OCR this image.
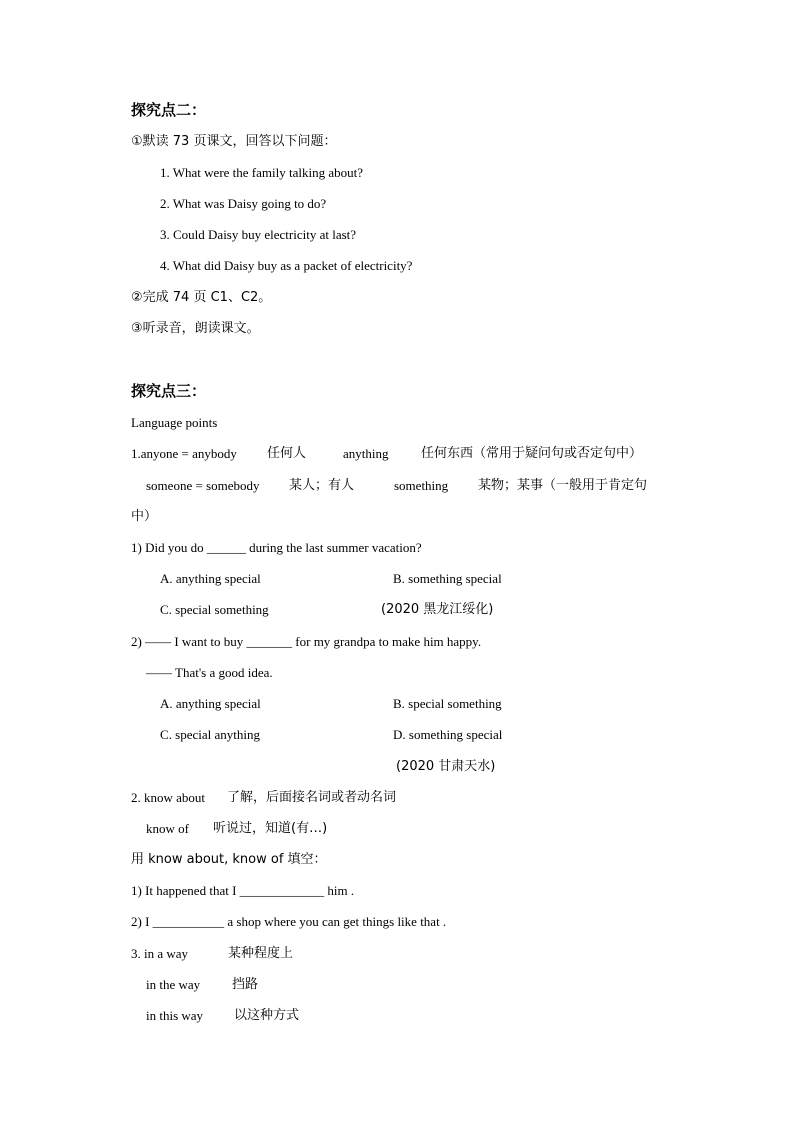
探究点二：
①默读 73 页课文，回答以下问题：
1. What were the family talking about?
2. What was Daisy going to do?
3. Could Daisy buy electricity at last?
4. What did Daisy buy as a packet of electricity?
②完成 74 页 C1、C2。
③听录音，朗读课文。
探究点三：
Language points
1.anyone = anybody 任何人	anything	任何东西（常用于疑问句或否定句中）
someone = somebody 某人；有人	something 某物；某事（一般用于肯定句
中）
1) Did you do ______ during the last summer vacation?
A. anything special	B. something special
C. special something	(2020 黑龙江绥化)
2) —— I want to buy _______ for my grandpa to make him happy.
—— That's a good idea.
A. anything special	B. special something
C. special anything	D. something special
(2020 甘肃天水)
2. know about 了解，后面接名词或者动名词
know of 听说过，知道(有…)
用 know about, know of 填空：
1) It happened that I _____________ him .
2) I ___________ a shop where you can get things like that .
3. in a way	某种程度上
in the way 挡路
in this way 以这种方式
